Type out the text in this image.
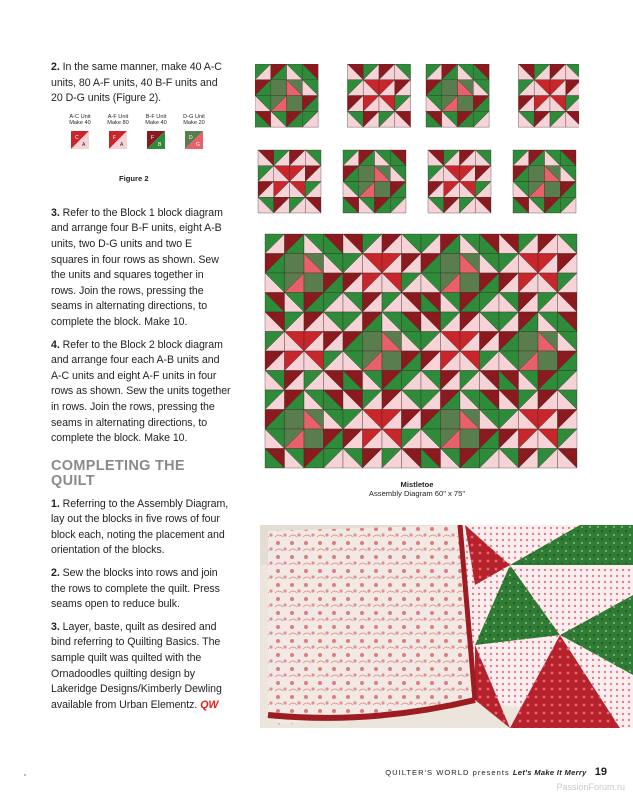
2. In the same manner, make 40 A-C units, 80 A-F units, 40 B-F units and 20 D-G units (Figure 2).

A-C Unit
Make 40
C
A
A-F Unit
Make 80
F
A
B-F Unit
Make 40
F
B
D-G Unit
Make 20
D
G
Figure 2

3. Refer to the Block 1 block diagram and arrange four B-F units, eight A-B units, two D-G units and two E squares in four rows as shown. Sew the units and squares together in rows. Join the rows, pressing the seams in alternating directions, to complete the block. Make 10.

4. Refer to the Block 2 block diagram and arrange four each A-B units and A-C units and eight A-F units in four rows as shown. Sew the units together in rows. Join the rows, pressing the seams in alternating directions, to complete the block. Make 10.

COMPLETING THE QUILT

1. Referring to the Assembly Diagram, lay out the blocks in five rows of four block each, noting the placement and orientation of the blocks.

2. Sew the blocks into rows and join the rows to complete the quilt. Press seams open to reduce bulk.

3. Layer, baste, quilt as desired and bind referring to Quilting Basics. The sample quilt was quilted with the Ornadoodles quilting design by Lakeridge Designs/Kimberly Dewling available from Urban Elementz. QW

Mistletoe
Assembly Diagram 60" x 75"
QUILTER'S WORLD presents Let's Make It Merry 19
PassionForum.ru
